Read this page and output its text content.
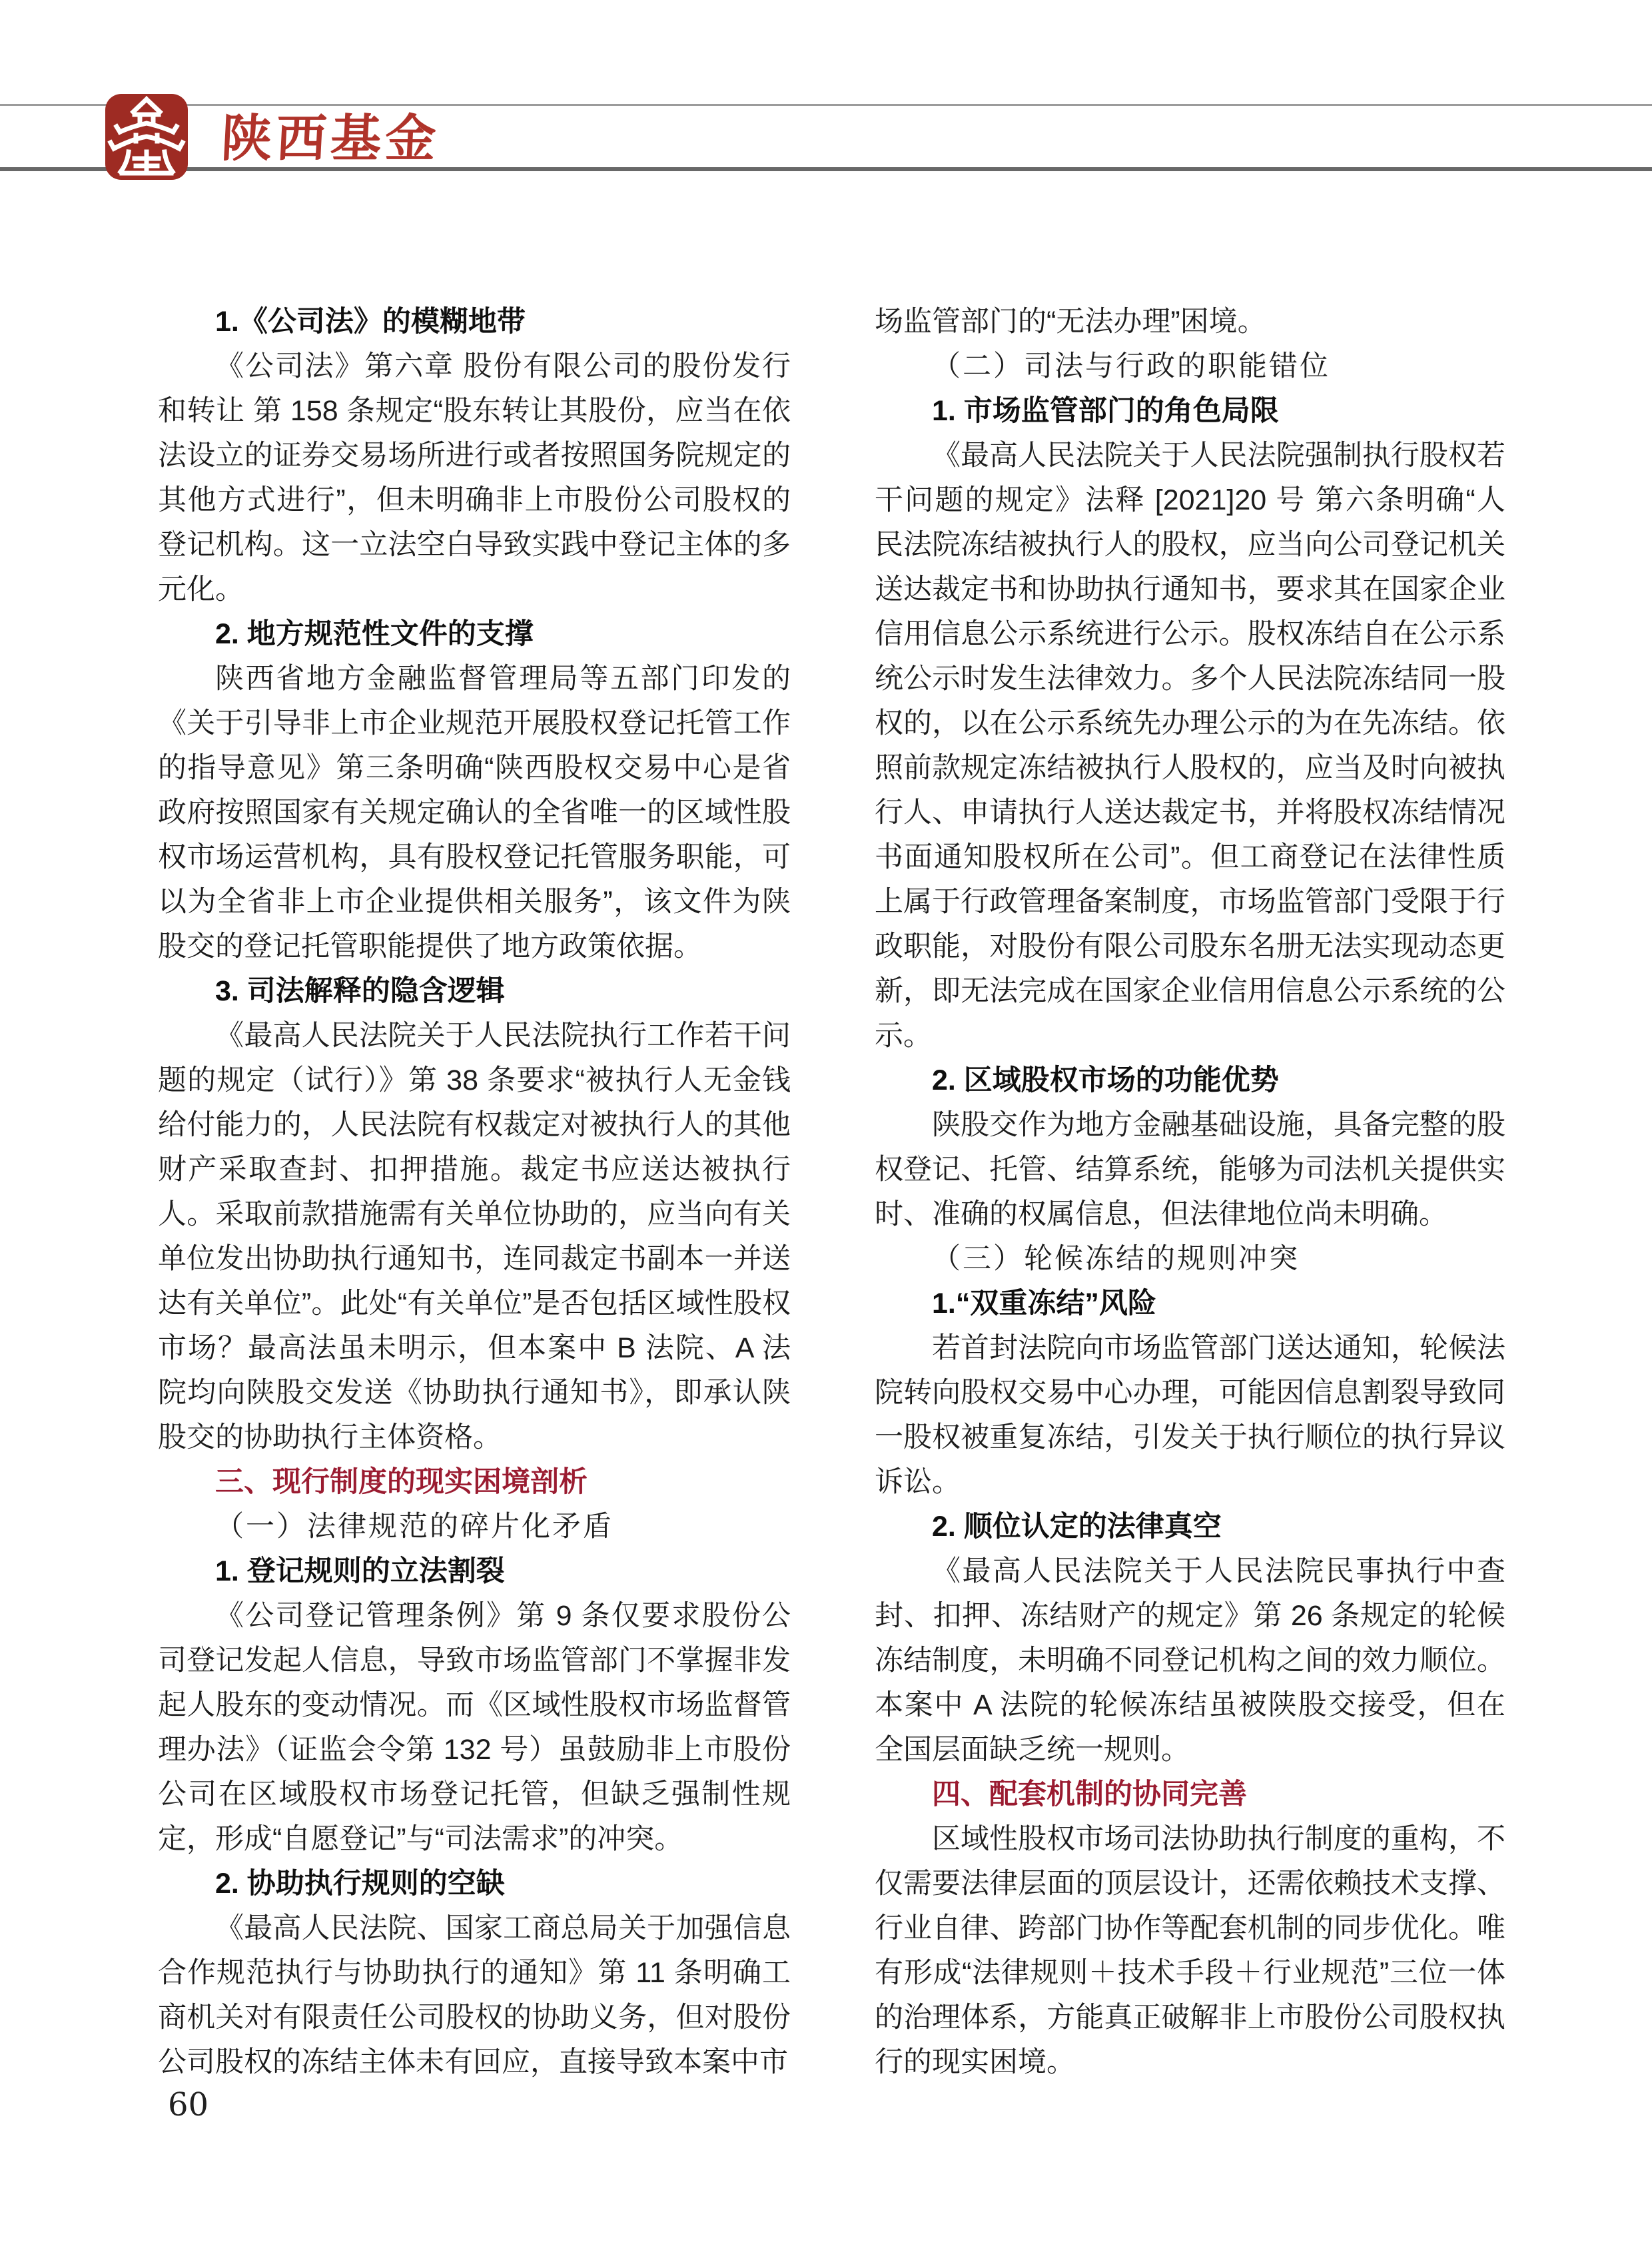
陕西基金

1.《公司法》的模糊地带

《公司法》第六章 股份有限公司的股份发行和转让 第 158 条规定“股东转让其股份，应当在依法设立的证券交易场所进行或者按照国务院规定的其他方式进行”，但未明确非上市股份公司股权的登记机构。这一立法空白导致实践中登记主体的多元化。

2. 地方规范性文件的支撑

陕西省地方金融监督管理局等五部门印发的《关于引导非上市企业规范开展股权登记托管工作的指导意见》第三条明确“陕西股权交易中心是省政府按照国家有关规定确认的全省唯一的区域性股权市场运营机构，具有股权登记托管服务职能，可以为全省非上市企业提供相关服务”，该文件为陕股交的登记托管职能提供了地方政策依据。

3. 司法解释的隐含逻辑

《最高人民法院关于人民法院执行工作若干问题的规定（试行）》第 38 条要求“被执行人无金钱给付能力的，人民法院有权裁定对被执行人的其他财产采取查封、扣押措施。裁定书应送达被执行人。采取前款措施需有关单位协助的，应当向有关单位发出协助执行通知书，连同裁定书副本一并送达有关单位”。此处“有关单位”是否包括区域性股权市场？最高法虽未明示，但本案中 B 法院、A 法院均向陕股交发送《协助执行通知书》，即承认陕股交的协助执行主体资格。

三、现行制度的现实困境剖析

（一）法律规范的碎片化矛盾

1. 登记规则的立法割裂

《公司登记管理条例》第 9 条仅要求股份公司登记发起人信息，导致市场监管部门不掌握非发起人股东的变动情况。而《区域性股权市场监督管理办法》（证监会令第 132 号）虽鼓励非上市股份公司在区域股权市场登记托管，但缺乏强制性规定，形成“自愿登记”与“司法需求”的冲突。

2. 协助执行规则的空缺

《最高人民法院、国家工商总局关于加强信息合作规范执行与协助执行的通知》第 11 条明确工商机关对有限责任公司股权的协助义务，但对股份公司股权的冻结主体未有回应，直接导致本案中市

场监管部门的“无法办理”困境。

（二）司法与行政的职能错位

1. 市场监管部门的角色局限

《最高人民法院关于人民法院强制执行股权若干问题的规定》法释 [2021]20 号 第六条明确“人民法院冻结被执行人的股权，应当向公司登记机关送达裁定书和协助执行通知书，要求其在国家企业信用信息公示系统进行公示。股权冻结自在公示系统公示时发生法律效力。多个人民法院冻结同一股权的，以在公示系统先办理公示的为在先冻结。依照前款规定冻结被执行人股权的，应当及时向被执行人、申请执行人送达裁定书，并将股权冻结情况书面通知股权所在公司”。但工商登记在法律性质上属于行政管理备案制度，市场监管部门受限于行政职能，对股份有限公司股东名册无法实现动态更新，即无法完成在国家企业信用信息公示系统的公示。

2. 区域股权市场的功能优势

陕股交作为地方金融基础设施，具备完整的股权登记、托管、结算系统，能够为司法机关提供实时、准确的权属信息，但法律地位尚未明确。

（三）轮候冻结的规则冲突

1.“双重冻结”风险

若首封法院向市场监管部门送达通知，轮候法院转向股权交易中心办理，可能因信息割裂导致同一股权被重复冻结，引发关于执行顺位的执行异议诉讼。

2. 顺位认定的法律真空

《最高人民法院关于人民法院民事执行中查封、扣押、冻结财产的规定》第 26 条规定的轮候冻结制度，未明确不同登记机构之间的效力顺位。本案中 A 法院的轮候冻结虽被陕股交接受，但在全国层面缺乏统一规则。

四、配套机制的协同完善

区域性股权市场司法协助执行制度的重构，不仅需要法律层面的顶层设计，还需依赖技术支撑、行业自律、跨部门协作等配套机制的同步优化。唯有形成“法律规则＋技术手段＋行业规范”三位一体的治理体系，方能真正破解非上市股份公司股权执行的现实困境。

60
